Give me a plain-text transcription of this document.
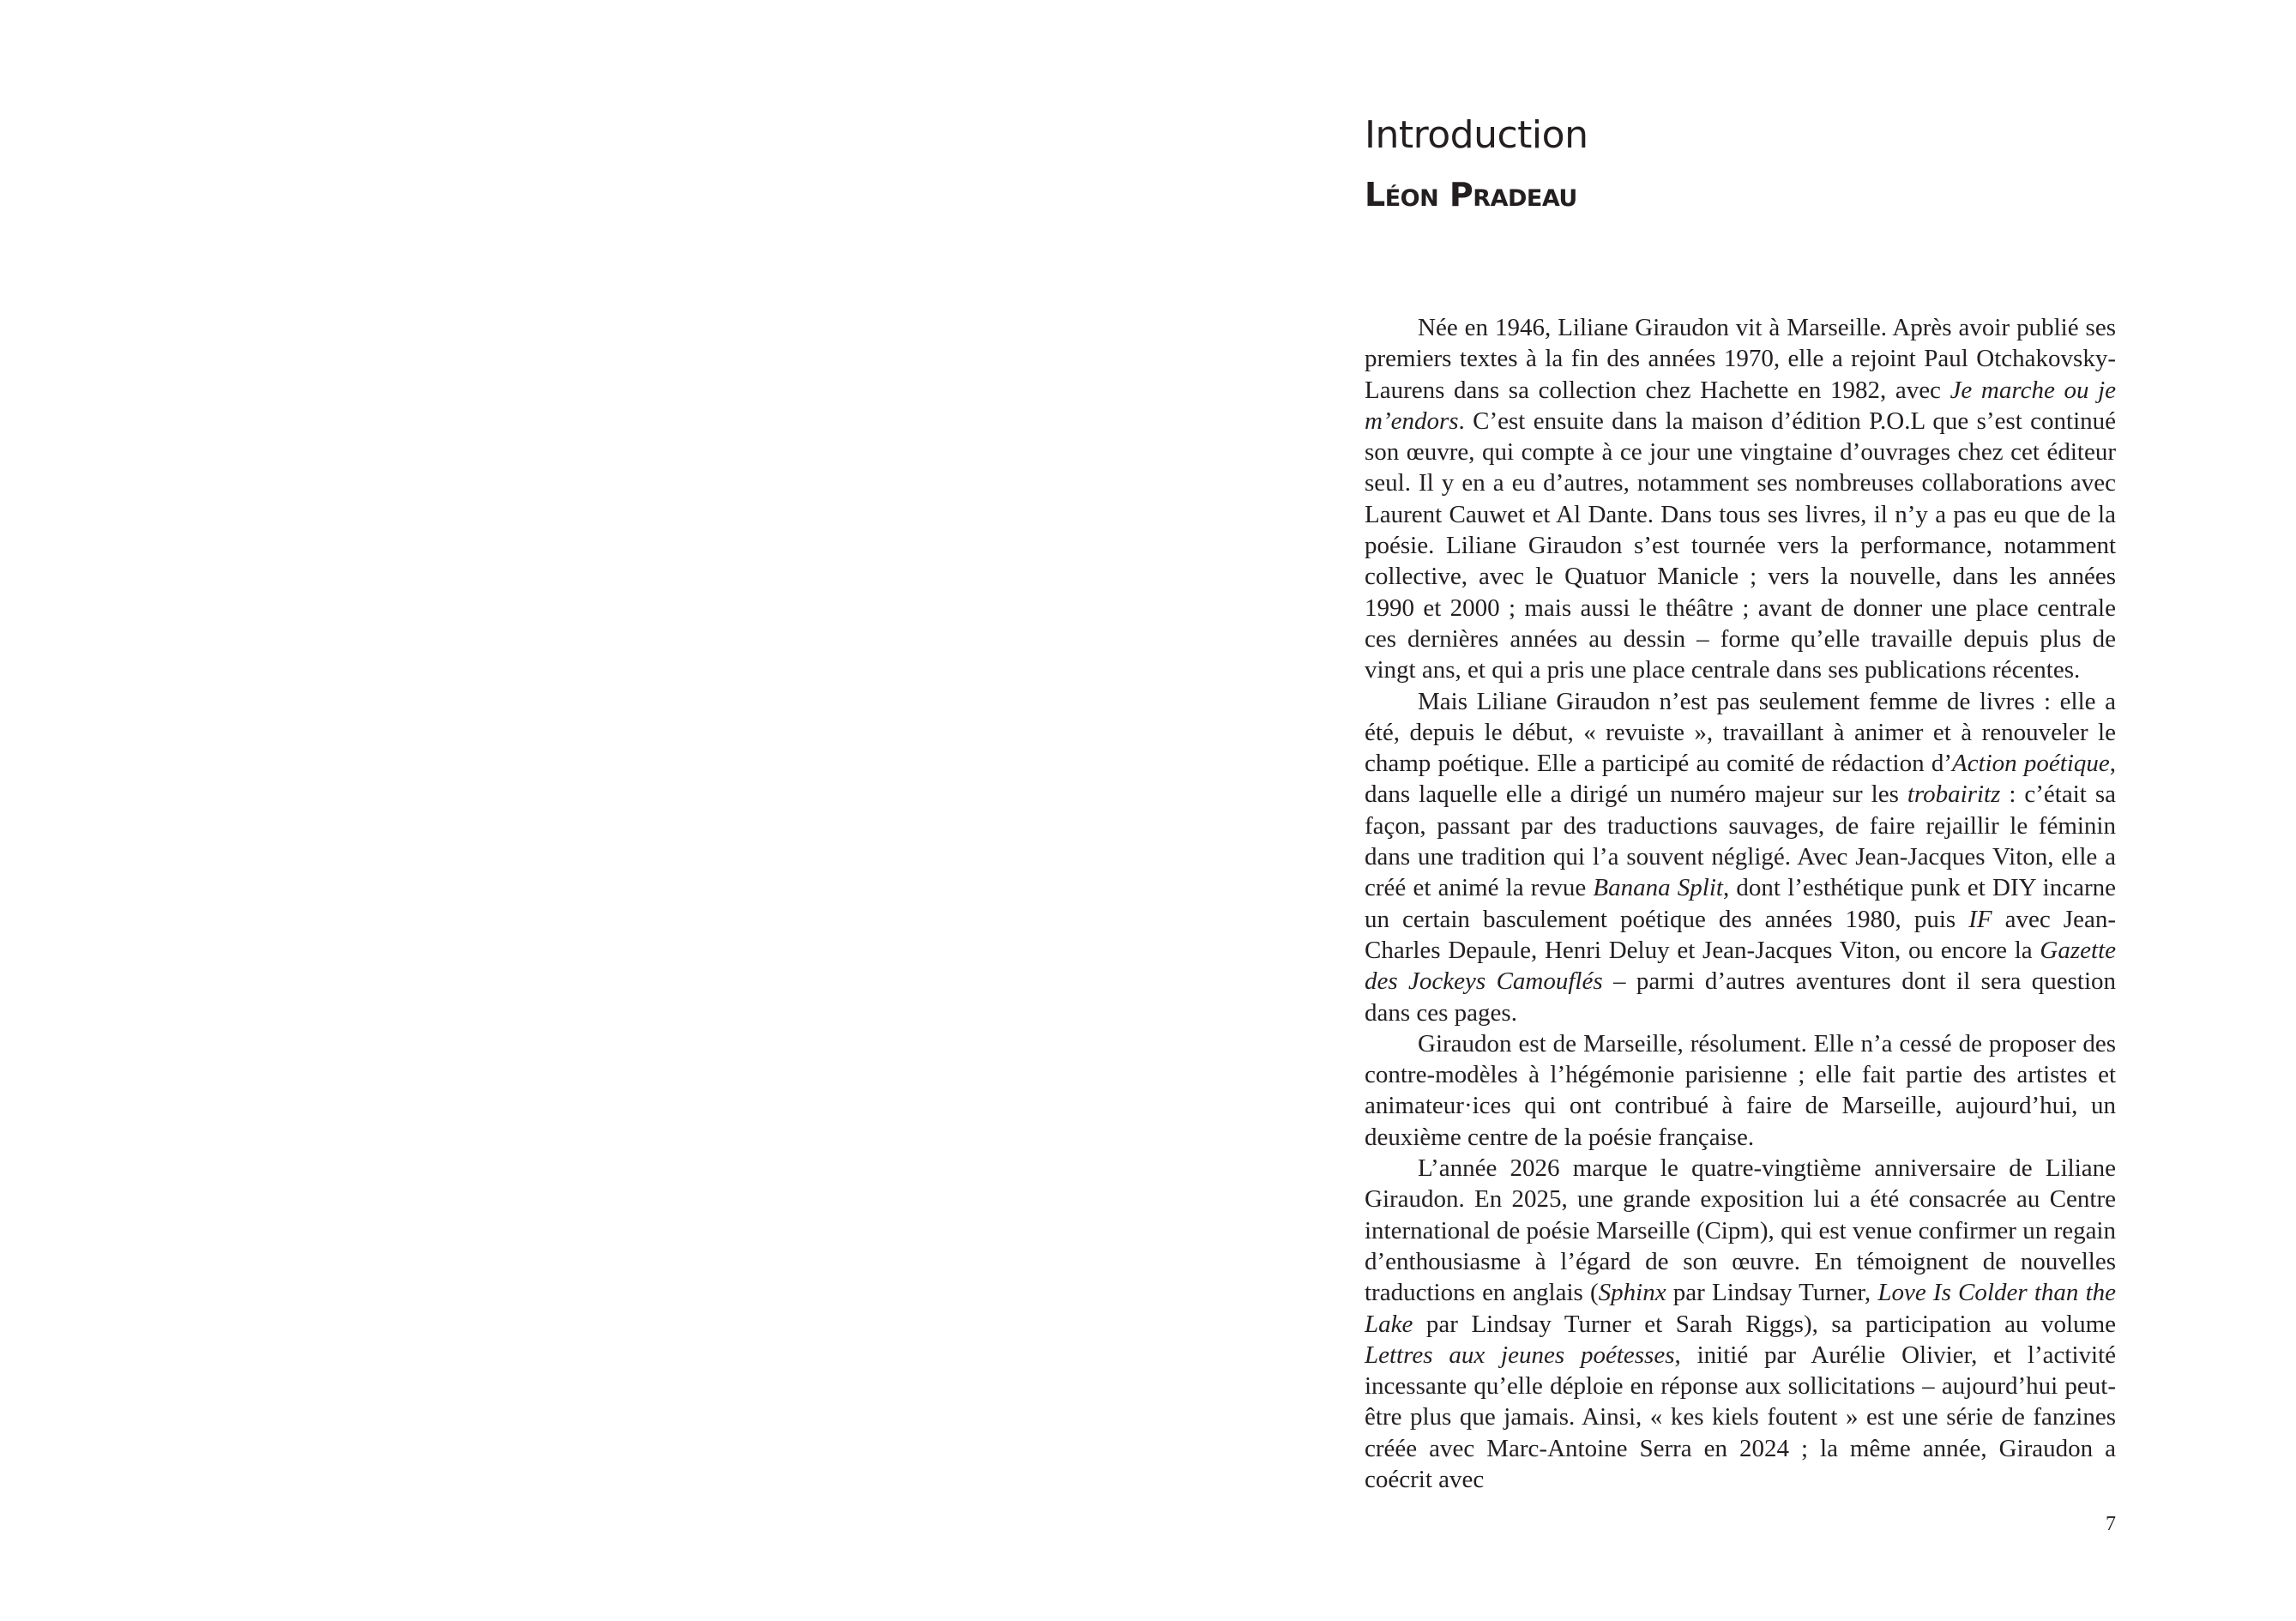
Introduction
Léon Pradeau

Née en 1946, Liliane Giraudon vit à Marseille. Après avoir publié ses premiers textes à la fin des années 1970, elle a rejoint Paul Otchakovsky-Laurens dans sa collection chez Hachette en 1982, avec Je marche ou je m’endors. C’est ensuite dans la maison d’édition P.O.L que s’est continué son œuvre, qui compte à ce jour une vingtaine d’ouvrages chez cet éditeur seul. Il y en a eu d’autres, notamment ses nombreuses collaborations avec Laurent Cauwet et Al Dante. Dans tous ses livres, il n’y a pas eu que de la poésie. Liliane Giraudon s’est tournée vers la performance, notamment collective, avec le Quatuor Manicle ; vers la nouvelle, dans les années 1990 et 2000 ; mais aussi le théâtre ; avant de donner une place centrale ces dernières années au dessin – forme qu’elle travaille depuis plus de vingt ans, et qui a pris une place centrale dans ses publications récentes.

Mais Liliane Giraudon n’est pas seulement femme de livres : elle a été, depuis le début, « revuiste », travaillant à animer et à renouveler le champ poétique. Elle a participé au comité de rédaction d’Action poétique, dans laquelle elle a dirigé un numéro majeur sur les trobairitz : c’était sa façon, passant par des traductions sauvages, de faire rejaillir le féminin dans une tradition qui l’a souvent négligé. Avec Jean-Jacques Viton, elle a créé et animé la revue Banana Split, dont l’esthétique punk et DIY incarne un certain basculement poétique des années 1980, puis IF avec Jean-Charles Depaule, Henri Deluy et Jean-Jacques Viton, ou encore la Gazette des Jockeys Camouflés – parmi d’autres aventures dont il sera question dans ces pages.

Giraudon est de Marseille, résolument. Elle n’a cessé de proposer des contre-modèles à l’hégémonie parisienne ; elle fait partie des artistes et animateur·ices qui ont contribué à faire de Marseille, aujourd’hui, un deuxième centre de la poésie française.

L’année 2026 marque le quatre-vingtième anniversaire de Liliane Giraudon. En 2025, une grande exposition lui a été consacrée au Centre international de poésie Marseille (Cipm), qui est venue confirmer un regain d’enthousiasme à l’égard de son œuvre. En témoignent de nouvelles traductions en anglais (Sphinx par Lindsay Turner, Love Is Colder than the Lake par Lindsay Turner et Sarah Riggs), sa participation au volume Lettres aux jeunes poétesses, initié par Aurélie Olivier, et l’activité incessante qu’elle déploie en réponse aux sollicitations – aujourd’hui peut-être plus que jamais. Ainsi, « kes kiels foutent » est une série de fanzines créée avec Marc-Antoine Serra en 2024 ; la même année, Giraudon a coécrit avec

7
